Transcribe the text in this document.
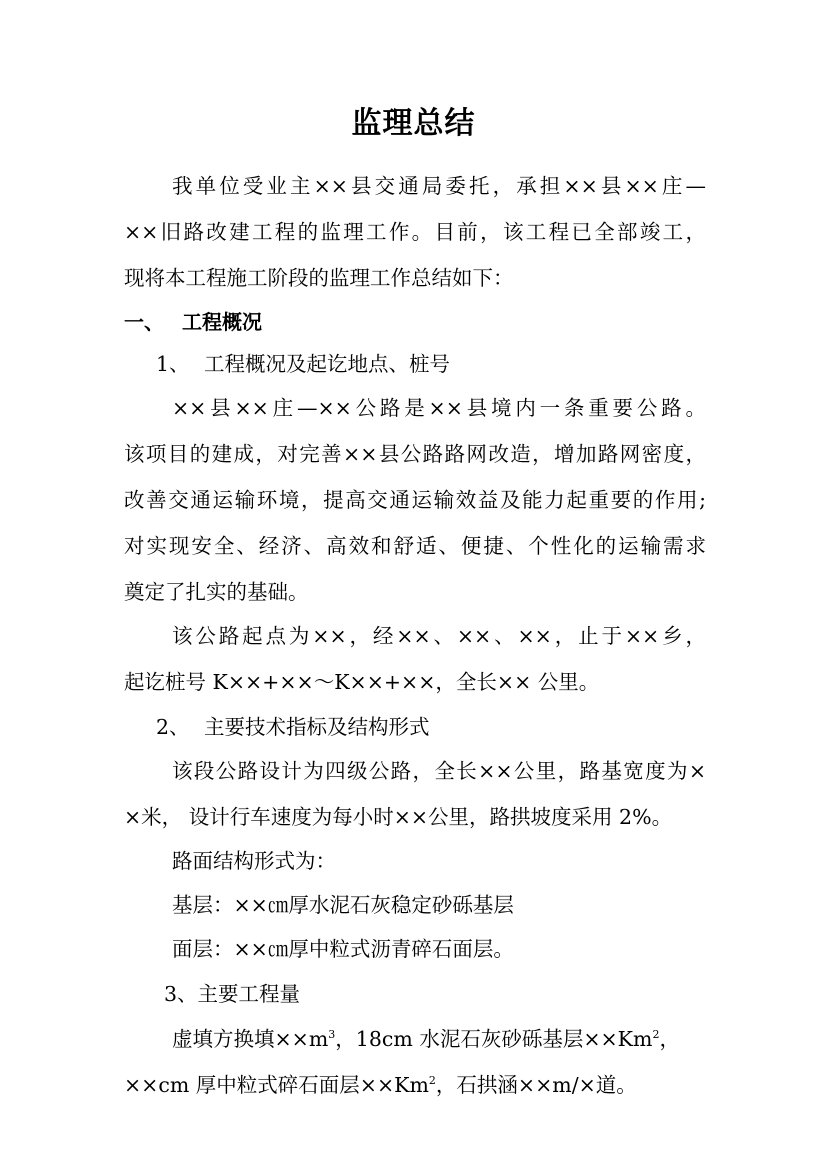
监理总结
我单位受业主××县交通局委托，承担××县××庄—
××旧路改建工程的监理工作。目前，该工程已全部竣工，
现将本工程施工阶段的监理工作总结如下：
一、 工程概况
1、 工程概况及起讫地点、桩号
××县××庄—××公路是××县境内一条重要公路。
该项目的建成，对完善××县公路路网改造，增加路网密度，
改善交通运输环境，提高交通运输效益及能力起重要的作用;
对实现安全、经济、高效和舒适、便捷、个性化的运输需求
奠定了扎实的基础。
该公路起点为××，经××、××、××，止于××乡，
起讫桩号 K××+××～K××+××，全长×× 公里。
2、 主要技术指标及结构形式
该段公路设计为四级公路，全长××公里，路基宽度为×
×米， 设计行车速度为每小时××公里，路拱坡度采用 2%。
路面结构形式为：
基层：××㎝厚水泥石灰稳定砂砾基层
面层：××㎝厚中粒式沥青碎石面层。
3、主要工程量
虚填方换填$\times\times m^3$，18cm 水泥石灰砂砾基层$\times\times Km^2$，
××cm 厚中粒式碎石面层$\times\times Km^2$，石拱涵××m/×道。
